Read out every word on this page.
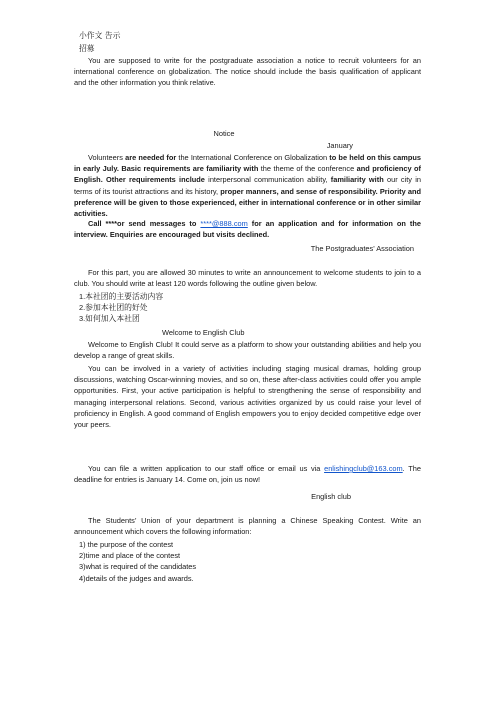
小作文 告示
招募

You are supposed to write for the postgraduate association a notice to recruit volunteers for an international conference on globalization. The notice should include the basis qualification of applicant and the other information you think relative.

Notice
January

Volunteers are needed for the International Conference on Globalization to be held on this campus in early July. Basic requirements are familiarity with the theme of the conference and proficiency of English. Other requirements include interpersonal communication ability, familiarity with our city in terms of its tourist attractions and its history, proper manners, and sense of responsibility. Priority and preference will be given to those experienced, either in international conference or in other similar activities.

Call ****or send messages to ****@888.com for an application and for information on the interview. Enquiries are encouraged but visits declined.

The Postgraduates’ Association

For this part, you are allowed 30 minutes to write an announcement to welcome students to join to a club. You should write at least 120 words following the outline given below.

1.本社团的主要活动内容
2.参加本社团的好处
3.如何加入本社团
Welcome to English Club

Welcome to English Club! It could serve as a platform to show your outstanding abilities and help you develop a range of great skills.

You can be involved in a variety of activities including staging musical dramas, holding group discussions, watching Oscar-winning movies, and so on, these after-class activities could offer you ample opportunities. First, your active participation is helpful to strengthening the sense of responsibility and managing interpersonal relations. Second, various activities organized by us could raise your level of proficiency in English. A good command of English empowers you to enjoy decided competitive edge over your peers.

You can file a written application to our staff office or email us via enlishingclub@163.com. The deadline for entries is January 14. Come on, join us now!

English club

The Students’ Union of your department is planning a Chinese Speaking Contest. Write an announcement which covers the following information:

1) the purpose of the contest
2)time and place of the contest
3)what is required of the candidates
4)details of the judges and awards.
